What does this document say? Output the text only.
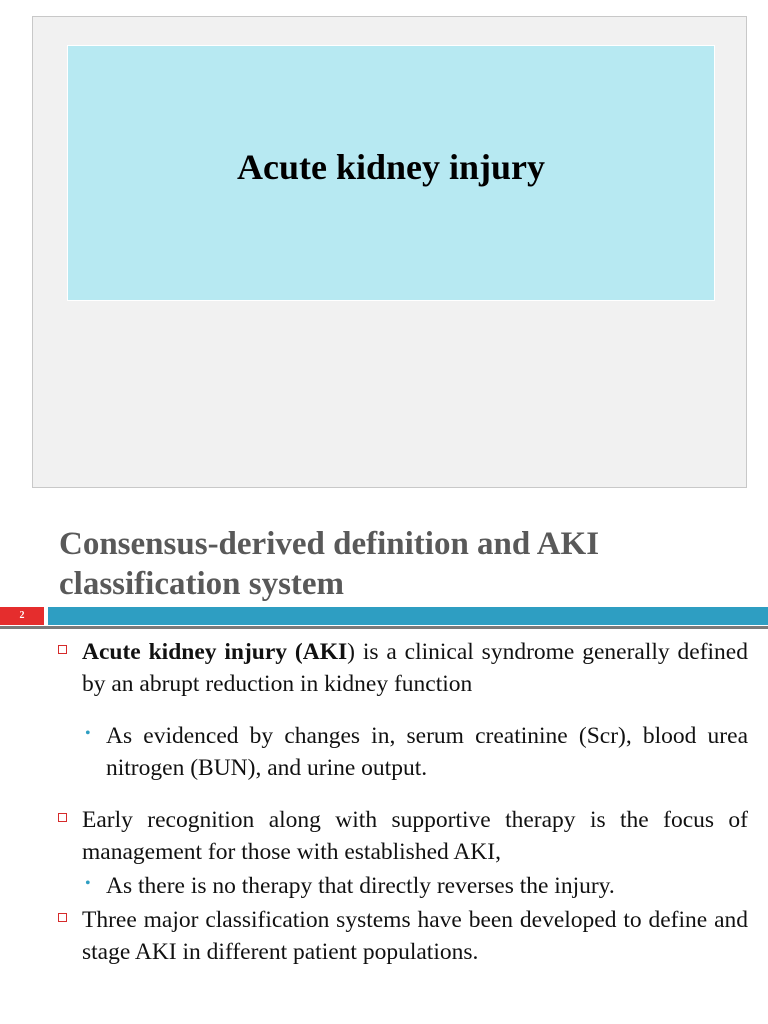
Acute kidney injury
Consensus-derived definition and AKI classification system
2
Acute kidney injury (AKI) is a clinical syndrome generally defined by an abrupt reduction in kidney function
• As evidenced by changes in, serum creatinine (Scr), blood urea nitrogen (BUN), and urine output.
Early recognition along with supportive therapy is the focus of management for those with established AKI,
• As there is no therapy that directly reverses the injury.
Three major classification systems have been developed to define and stage AKI in different patient populations.
